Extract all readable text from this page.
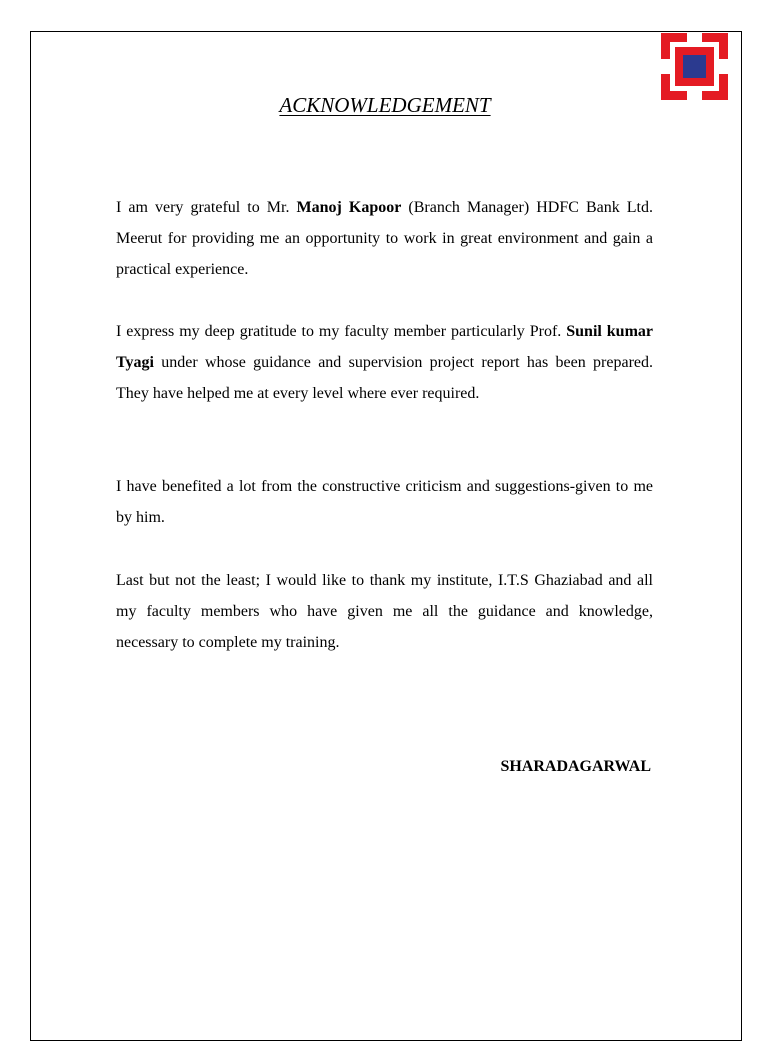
ACKNOWLEDGEMENT

I am very grateful to Mr. Manoj Kapoor (Branch Manager) HDFC Bank Ltd. Meerut for providing me an opportunity to work in great environment and gain a practical experience.

I express my deep gratitude to my faculty member particularly Prof. Sunil kumar Tyagi under whose guidance and supervision project report has been prepared. They have helped me at every level where ever required.

I have benefited a lot from the constructive criticism and suggestions-given to me by him.

Last but not the least; I would like to thank my institute, I.T.S Ghaziabad and all my faculty members who have given me all the guidance and knowledge, necessary to complete my training.

SHARADAGARWAL
